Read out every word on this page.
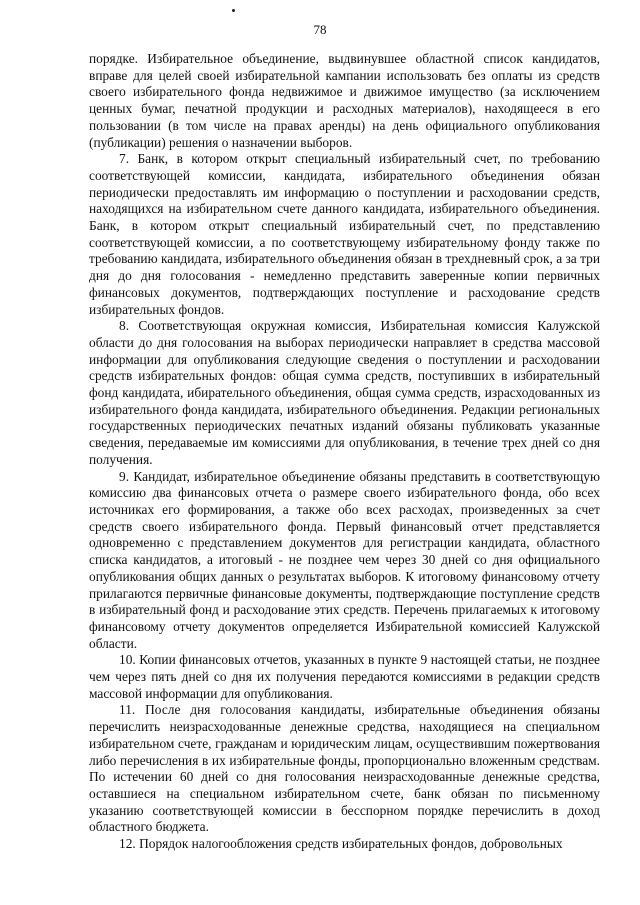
78

порядке. Избирательное объединение, выдвинувшее областной список кандидатов, вправе для целей своей избирательной кампании использовать без оплаты из средств своего избирательного фонда недвижимое и движимое имущество (за исключением ценных бумаг, печатной продукции и расходных материалов), находящееся в его пользовании (в том числе на правах аренды) на день официального опубликования (публикации) решения о назначении выборов.

7. Банк, в котором открыт специальный избирательный счет, по требованию соответствующей комиссии, кандидата, избирательного объединения обязан периодически предоставлять им информацию о поступлении и расходовании средств, находящихся на избирательном счете данного кандидата, избирательного объединения. Банк, в котором открыт специальный избирательный счет, по представлению соответствующей комиссии, а по соответствующему избирательному фонду также по требованию кандидата, избирательного объединения обязан в трехдневный срок, а за три дня до дня голосования - немедленно представить заверенные копии первичных финансовых документов, подтверждающих поступление и расходование средств избирательных фондов.

8. Соответствующая окружная комиссия, Избирательная комиссия Калужской области до дня голосования на выборах периодически направляет в средства массовой информации для опубликования следующие сведения о поступлении и расходовании средств избирательных фондов: общая сумма средств, поступивших в избирательный фонд кандидата, ибирательного объединения, общая сумма средств, израсходованных из избирательного фонда кандидата, избирательного объединения. Редакции региональных государственных периодических печатных изданий обязаны публиковать указанные сведения, передаваемые им комиссиями для опубликования, в течение трех дней со дня получения.

9. Кандидат, избирательное объединение обязаны представить в соответствующую комиссию два финансовых отчета о размере своего избирательного фонда, обо всех источниках его формирования, а также обо всех расходах, произведенных за счет средств своего избирательного фонда. Первый финансовый отчет представляется одновременно с представлением документов для регистрации кандидата, областного списка кандидатов, а итоговый - не позднее чем через 30 дней со дня официального опубликования общих данных о результатах выборов. К итоговому финансовому отчету прилагаются первичные финансовые документы, подтверждающие поступление средств в избирательный фонд и расходование этих средств. Перечень прилагаемых к итоговому финансовому отчету документов определяется Избирательной комиссией Калужской области.

10. Копии финансовых отчетов, указанных в пункте 9 настоящей статьи, не позднее чем через пять дней со дня их получения передаются комиссиями в редакции средств массовой информации для опубликования.

11. После дня голосования кандидаты, избирательные объединения обязаны перечислить неизрасходованные денежные средства, находящиеся на специальном избирательном счете, гражданам и юридическим лицам, осуществившим пожертвования либо перечисления в их избирательные фонды, пропорционально вложенным средствам. По истечении 60 дней со дня голосования неизрасходованные денежные средства, оставшиеся на специальном избирательном счете, банк обязан по письменному указанию соответствующей комиссии в бесспорном порядке перечислить в доход областного бюджета.

12. Порядок налогообложения средств избирательных фондов, добровольных
